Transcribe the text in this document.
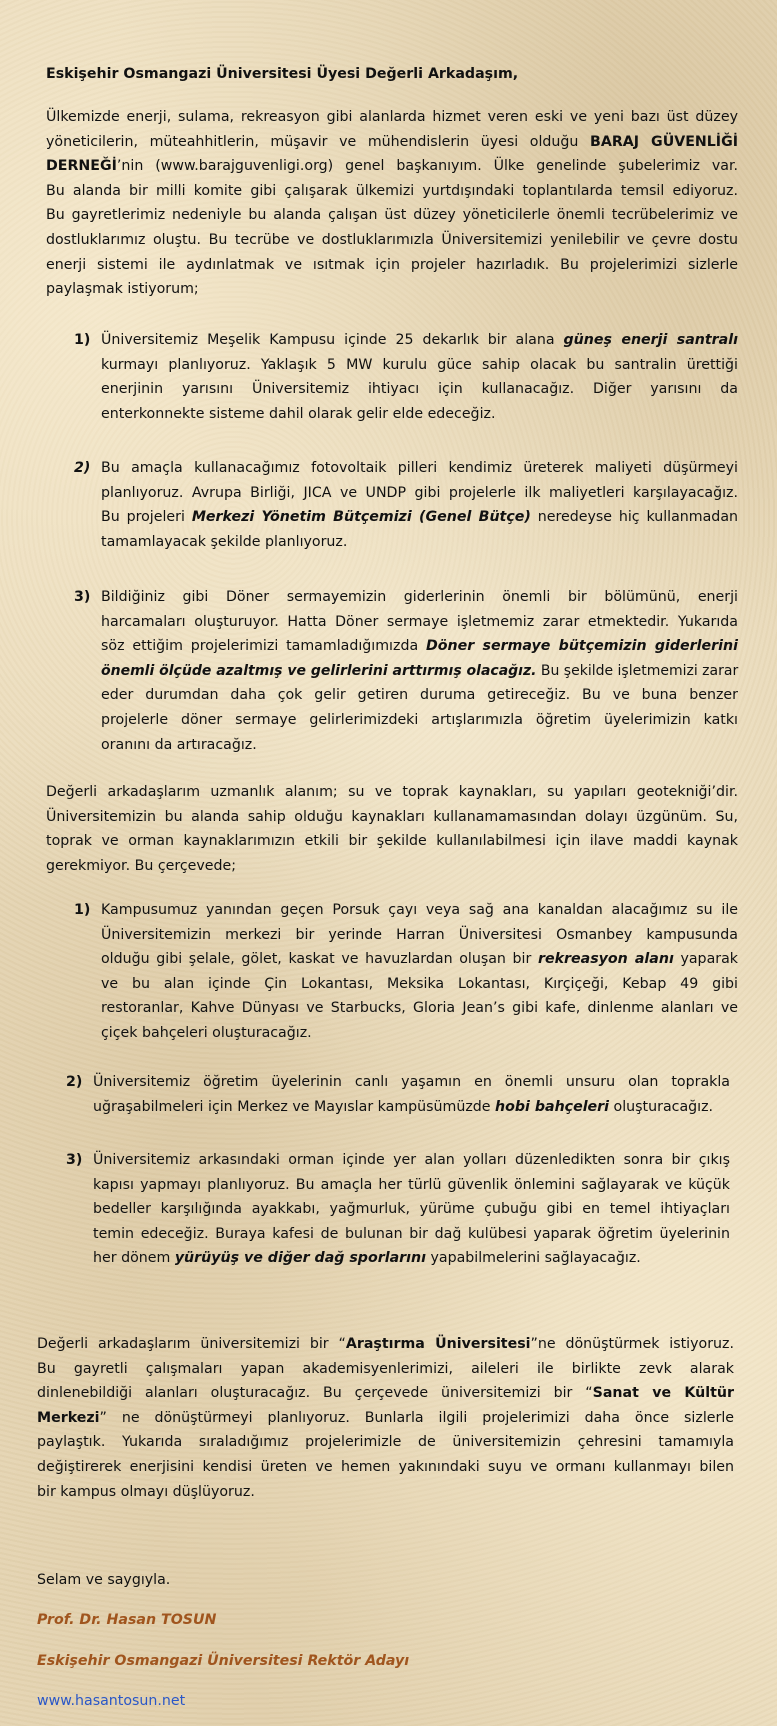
Eskişehir Osmangazi Üniversitesi Üyesi Değerli Arkadaşım,
Ülkemizde enerji, sulama, rekreasyon gibi alanlarda hizmet veren eski ve yeni bazı üst düzey
yöneticilerin, müteahhitlerin, müşavir ve mühendislerin üyesi olduğu BARAJ GÜVENLİĞİ
DERNEĞİ’nin (www.barajguvenligi.org) genel başkanıyım. Ülke genelinde şubelerimiz var.
Bu alanda bir milli komite gibi çalışarak ülkemizi yurtdışındaki toplantılarda temsil ediyoruz.
Bu gayretlerimiz nedeniyle bu alanda çalışan üst düzey yöneticilerle önemli tecrübelerimiz ve
dostluklarımız oluştu. Bu tecrübe ve dostluklarımızla Üniversitemizi yenilebilir ve çevre dostu
enerji sistemi ile aydınlatmak ve ısıtmak için projeler hazırladık. Bu projelerimizi sizlerle
paylaşmak istiyorum;
1) Üniversitemiz Meşelik Kampusu içinde 25 dekarlık bir alana güneş enerji santralı
kurmayı planlıyoruz. Yaklaşık 5 MW kurulu güce sahip olacak bu santralin ürettiği
enerjinin yarısını Üniversitemiz ihtiyacı için kullanacağız. Diğer yarısını da
enterkonnekte sisteme dahil olarak gelir elde edeceğiz.
2) Bu amaçla kullanacağımız fotovoltaik pilleri kendimiz üreterek maliyeti düşürmeyi
planlıyoruz. Avrupa Birliği, JICA ve UNDP gibi projelerle ilk maliyetleri karşılayacağız.
Bu projeleri Merkezi Yönetim Bütçemizi (Genel Bütçe) neredeyse hiç kullanmadan
tamamlayacak şekilde planlıyoruz.
3) Bildiğiniz gibi Döner sermayemizin giderlerinin önemli bir bölümünü, enerji
harcamaları oluşturuyor. Hatta Döner sermaye işletmemiz zarar etmektedir. Yukarıda
söz ettiğim projelerimizi tamamladığımızda Döner sermaye bütçemizin giderlerini
önemli ölçüde azaltmış ve gelirlerini arttırmış olacağız. Bu şekilde işletmemizi zarar
eder durumdan daha çok gelir getiren duruma getireceğiz. Bu ve buna benzer
projelerle döner sermaye gelirlerimizdeki artışlarımızla öğretim üyelerimizin katkı
oranını da artıracağız.
Değerli arkadaşlarım uzmanlık alanım; su ve toprak kaynakları, su yapıları geotekniği’dir.
Üniversitemizin bu alanda sahip olduğu kaynakları kullanamamasından dolayı üzgünüm. Su,
toprak ve orman kaynaklarımızın etkili bir şekilde kullanılabilmesi için ilave maddi kaynak
gerekmiyor. Bu çerçevede;
1) Kampusumuz yanından geçen Porsuk çayı veya sağ ana kanaldan alacağımız su ile
Üniversitemizin merkezi bir yerinde Harran Üniversitesi Osmanbey kampusunda
olduğu gibi şelale, gölet, kaskat ve havuzlardan oluşan bir rekreasyon alanı yaparak
ve bu alan içinde Çin Lokantası, Meksika Lokantası, Kırçiçeği, Kebap 49 gibi
restoranlar, Kahve Dünyası ve Starbucks, Gloria Jean’s gibi kafe, dinlenme alanları ve
çiçek bahçeleri oluşturacağız.
2) Üniversitemiz öğretim üyelerinin canlı yaşamın en önemli unsuru olan toprakla
uğraşabilmeleri için Merkez ve Mayıslar kampüsümüzde hobi bahçeleri oluşturacağız.
3) Üniversitemiz arkasındaki orman içinde yer alan yolları düzenledikten sonra bir çıkış
kapısı yapmayı planlıyoruz. Bu amaçla her türlü güvenlik önlemini sağlayarak ve küçük
bedeller karşılığında ayakkabı, yağmurluk, yürüme çubuğu gibi en temel ihtiyaçları
temin edeceğiz. Buraya kafesi de bulunan bir dağ kulübesi yaparak öğretim üyelerinin
her dönem yürüyüş ve diğer dağ sporlarını yapabilmelerini sağlayacağız.
Değerli arkadaşlarım üniversitemizi bir “Araştırma Üniversitesi”ne dönüştürmek istiyoruz.
Bu gayretli çalışmaları yapan akademisyenlerimizi, aileleri ile birlikte zevk alarak
dinlenebildiği alanları oluşturacağız. Bu çerçevede üniversitemizi bir “Sanat ve Kültür
Merkezi” ne dönüştürmeyi planlıyoruz. Bunlarla ilgili projelerimizi daha önce sizlerle
paylaştık. Yukarıda sıraladığımız projelerimizle de üniversitemizin çehresini tamamıyla
değiştirerek enerjisini kendisi üreten ve hemen yakınındaki suyu ve ormanı kullanmayı bilen
bir kampus olmayı düşlüyoruz.
Selam ve saygıyla.
Prof. Dr. Hasan TOSUN
Eskişehir Osmangazi Üniversitesi Rektör Adayı
www.hasantosun.net
